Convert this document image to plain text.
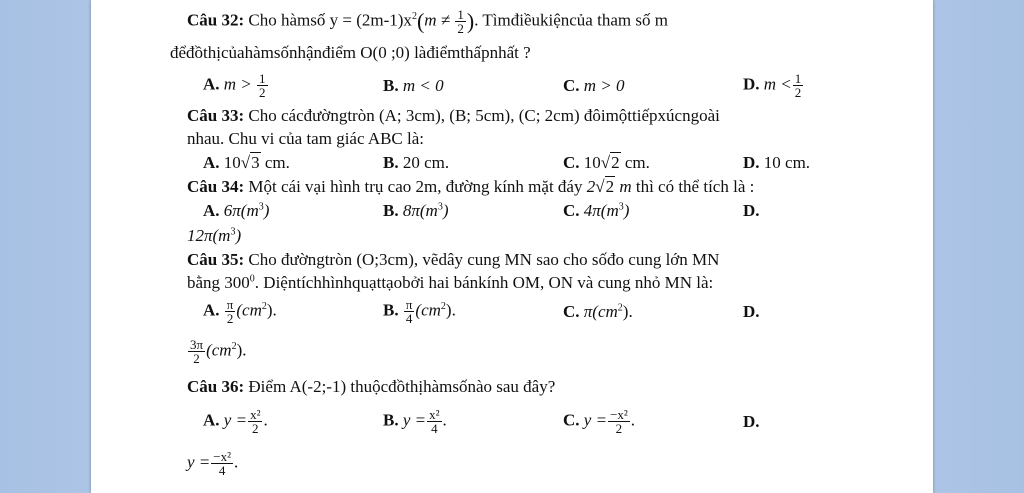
Câu 32: Cho hàmsố $y = (2m-1)x^2(m \ne \frac{1}{2}$ ). Tìmđiềukiệncủa tham số m
đểđồthịcủahàmsốnhậnđiểm O(0 ;0) làđiểmthấpnhất ?
A. $m > \frac{1}{2}$	B. m < 0	C. m > 0	D. $m < \frac{1}{2}$
Câu 33: Cho cácđườngtròn (A; 3cm), (B; 5cm), (C; 2cm) đôimộttiếpxúcngoài
nhau. Chu vi của tam giác ABC là:
A. 10√3 cm.	B. 20 cm.	C. 10√2 cm.	D. 10 cm.
Câu 34: Một cái vại hình trụ cao 2m, đường kính mặt đáy 2√2 m thì có thể tích là :
A. $6\pi(m^3)$	B. $8\pi(m^3)$	C. $4\pi(m^3)$	D.
$12\pi(m^3)$
Câu 35: Cho đườngtròn (O;3cm), vẽdây cung MN sao cho sốđo cung lớn MN
bằng $300^0$. Diệntíchhìnhquạttạobởi hai bánkính OM, ON và cung nhỏ MN là:
A. $\frac{\pi}{2} (cm^2)$.	B. $\frac{\pi}{4} (cm^2)$.	C. $\pi(cm^2)$.	D.
$\frac{3\pi}{2} (cm^2)$.
Câu 36: Điểm A(-2;-1) thuộcđồthịhàmsốnào sau đây?
A. $y = \frac{\text{x²}}{2}$ .	B. $y = \frac{\text{x²}}{4}$ .	C. $y = \frac{\text{−x²}}{2}$ .	D.
$y = \frac{\text{−x²}}{4}$ .
